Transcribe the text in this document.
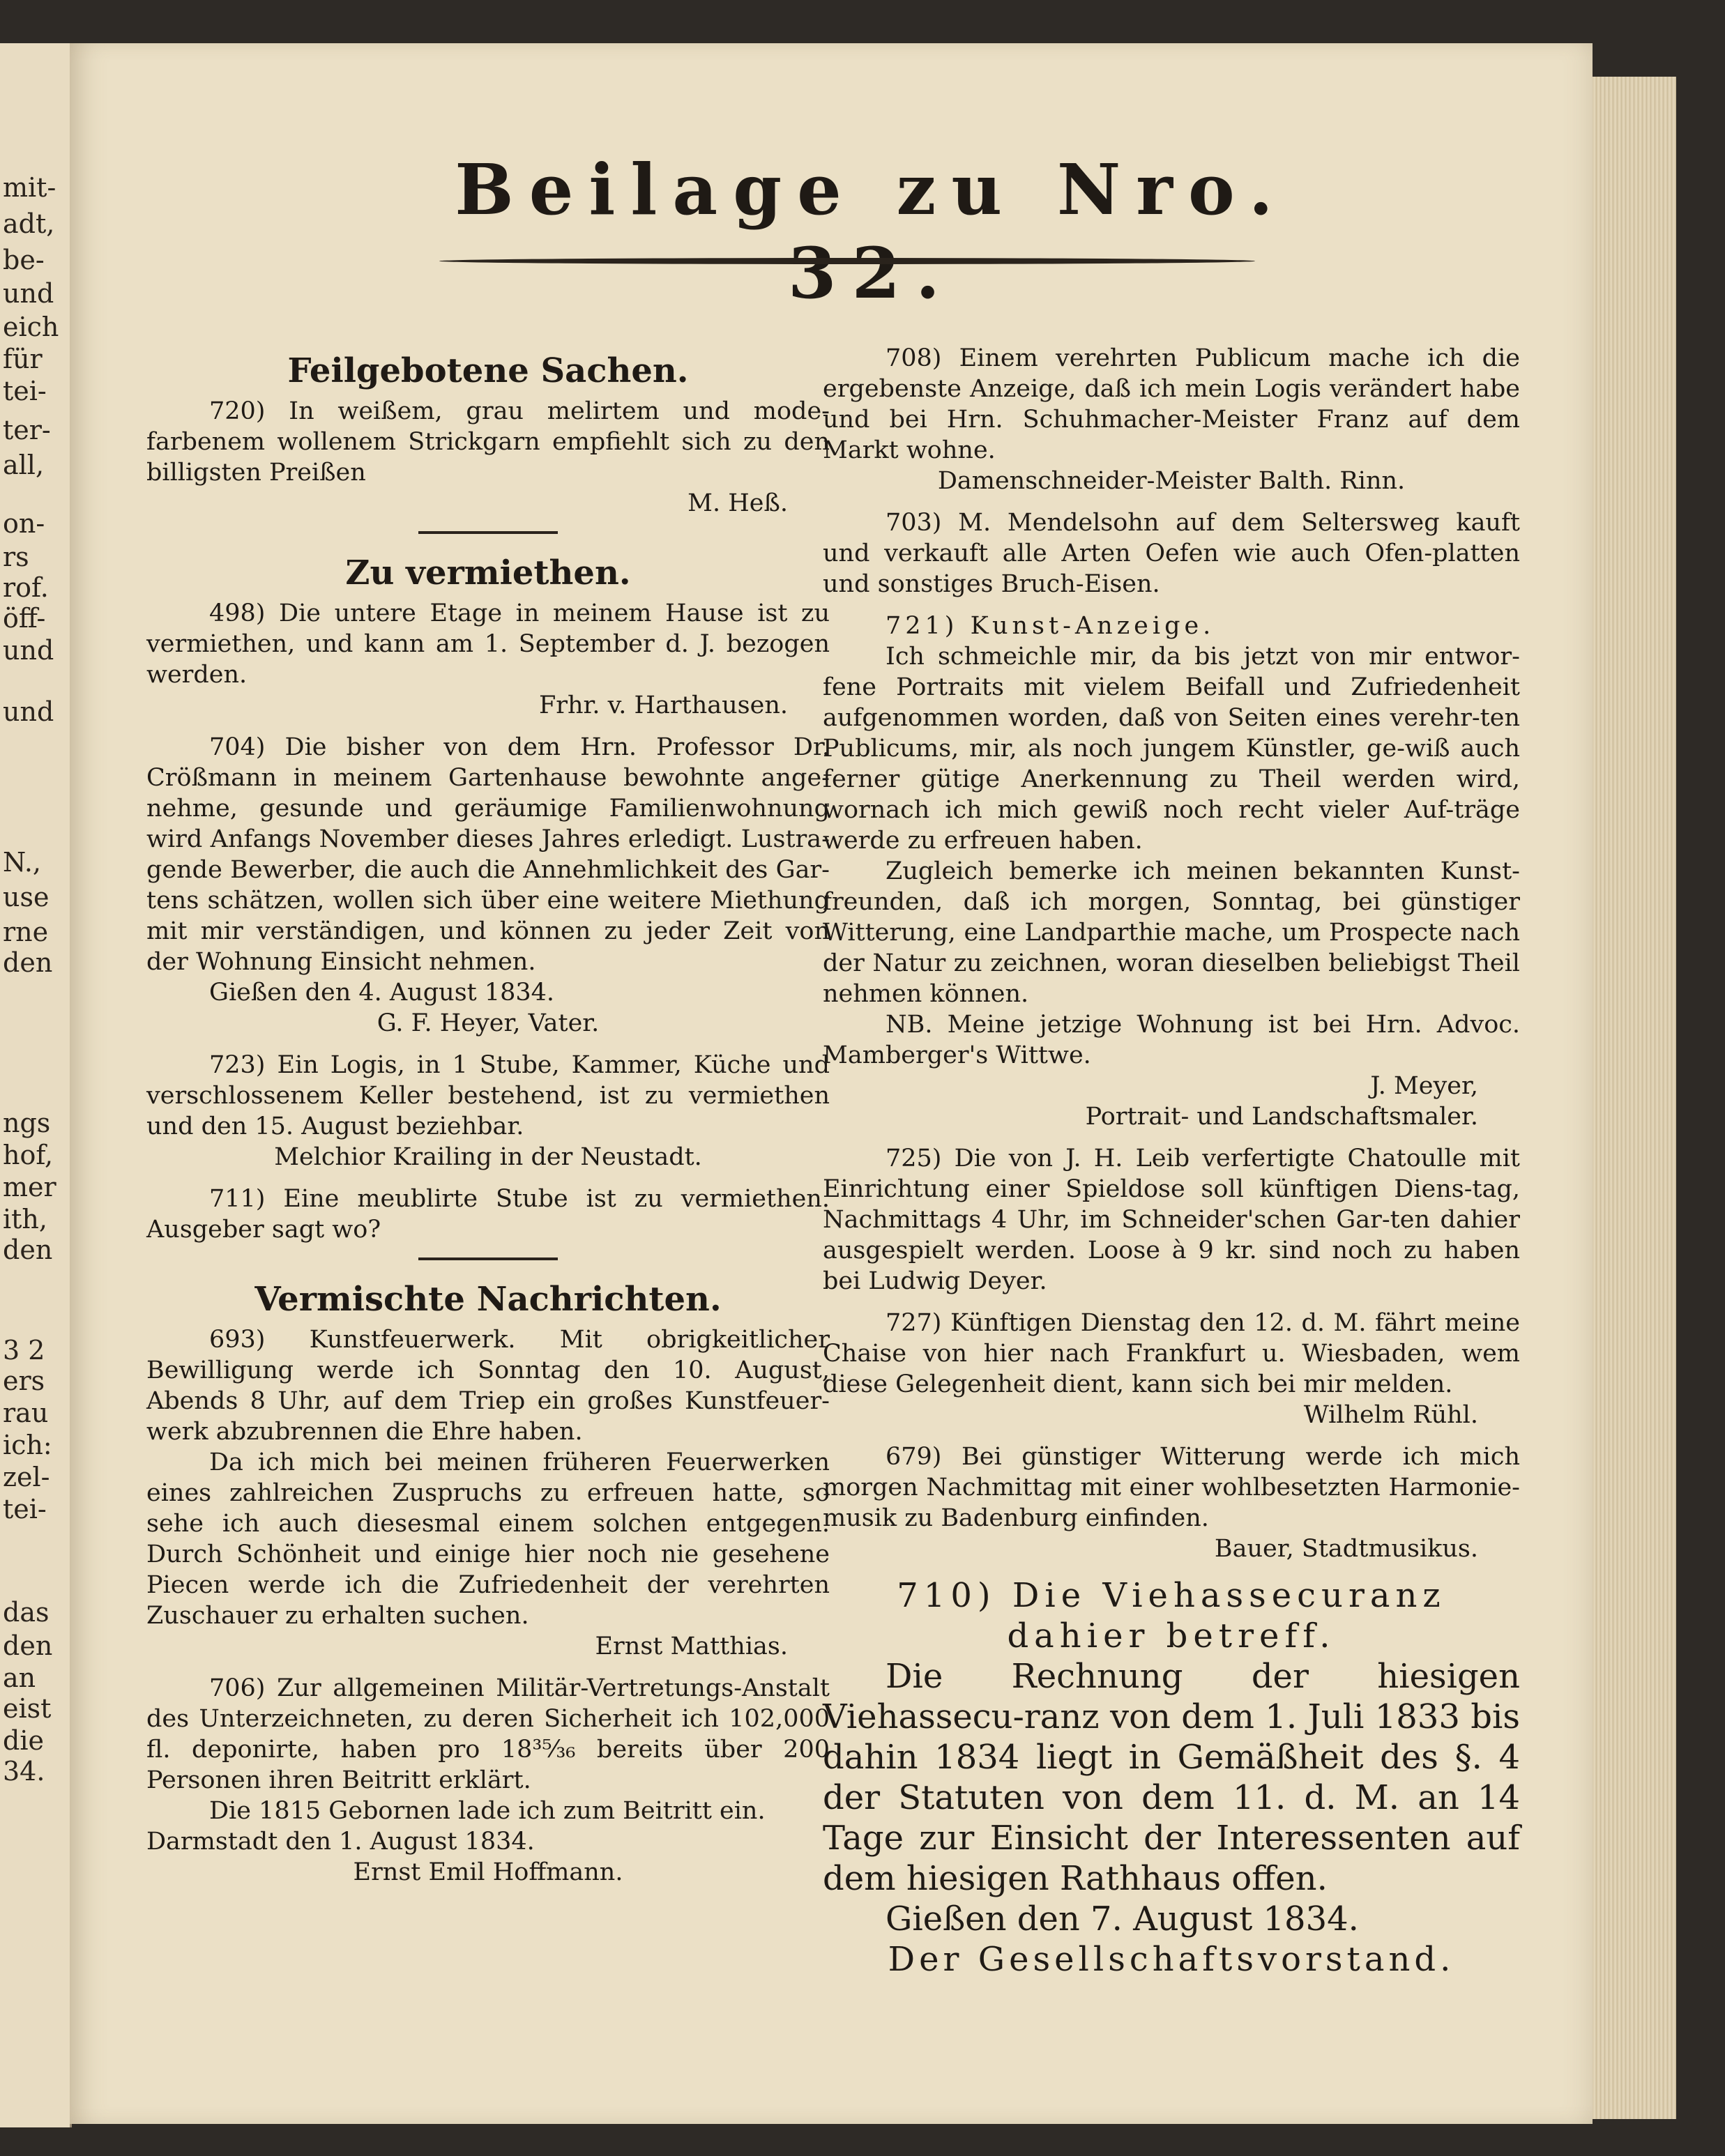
mit-
adt,
be-
und
eich
für
tei-
ter-
all,
on-
rs
rof.
öff-
und
und
N.,
use
rne
den
ngs
hof,
mer
ith,
den
3 2
ers
rau
ich:
zel-
tei-
das
den
an
eist
die
34.
Beilage zu Nro. 32.
Feilgebotene Sachen.

720) In weißem, grau melirtem und mode-farbenem wollenem Strickgarn empfiehlt sich zu den billigsten Preißen

M. Heß.

Zu vermiethen.

498) Die untere Etage in meinem Hause ist zu vermiethen, und kann am 1. September d. J. bezogen werden.

Frhr. v. Harthausen.

704) Die bisher von dem Hrn. Professor Dr. Crößmann in meinem Gartenhause bewohnte ange-nehme, gesunde und geräumige Familienwohnung wird Anfangs November dieses Jahres erledigt. Lustra-gende Bewerber, die auch die Annehmlichkeit des Gar-tens schätzen, wollen sich über eine weitere Miethung mit mir verständigen, und können zu jeder Zeit von der Wohnung Einsicht nehmen.

Gießen den 4. August 1834.

G. F. Heyer, Vater.

723) Ein Logis, in 1 Stube, Kammer, Küche und verschlossenem Keller bestehend, ist zu vermiethen und den 15. August beziehbar.

Melchior Krailing in der Neustadt.

711) Eine meublirte Stube ist zu vermiethen. Ausgeber sagt wo?

Vermischte Nachrichten.

693) Kunstfeuerwerk. Mit obrigkeitlicher Bewilligung werde ich Sonntag den 10. August, Abends 8 Uhr, auf dem Triep ein großes Kunstfeuer-werk abzubrennen die Ehre haben.

Da ich mich bei meinen früheren Feuerwerken eines zahlreichen Zuspruchs zu erfreuen hatte, so sehe ich auch diesesmal einem solchen entgegen. Durch Schönheit und einige hier noch nie gesehene Piecen werde ich die Zufriedenheit der verehrten Zuschauer zu erhalten suchen.

Ernst Matthias.

706) Zur allgemeinen Militär-Vertretungs-Anstalt des Unterzeichneten, zu deren Sicherheit ich 102,000 fl. deponirte, haben pro 18³⁵⁄₃₆ bereits über 200 Personen ihren Beitritt erklärt.

Die 1815 Gebornen lade ich zum Beitritt ein.

Darmstadt den 1. August 1834.

Ernst Emil Hoffmann.

708) Einem verehrten Publicum mache ich die ergebenste Anzeige, daß ich mein Logis verändert habe und bei Hrn. Schuhmacher-Meister Franz auf dem Markt wohne.

Damenschneider-Meister Balth. Rinn.

703) M. Mendelsohn auf dem Seltersweg kauft und verkauft alle Arten Oefen wie auch Ofen-platten und sonstiges Bruch-Eisen.

721) Kunst-Anzeige.

Ich schmeichle mir, da bis jetzt von mir entwor-fene Portraits mit vielem Beifall und Zufriedenheit aufgenommen worden, daß von Seiten eines verehr-ten Publicums, mir, als noch jungem Künstler, ge-wiß auch ferner gütige Anerkennung zu Theil werden wird, wornach ich mich gewiß noch recht vieler Auf-träge werde zu erfreuen haben.

Zugleich bemerke ich meinen bekannten Kunst-freunden, daß ich morgen, Sonntag, bei günstiger Witterung, eine Landparthie mache, um Prospecte nach der Natur zu zeichnen, woran dieselben beliebigst Theil nehmen können.

NB. Meine jetzige Wohnung ist bei Hrn. Advoc. Mamberger's Wittwe.

J. Meyer,

Portrait- und Landschaftsmaler.

725) Die von J. H. Leib verfertigte Chatoulle mit Einrichtung einer Spieldose soll künftigen Diens-tag, Nachmittags 4 Uhr, im Schneider'schen Gar-ten dahier ausgespielt werden. Loose à 9 kr. sind noch zu haben bei Ludwig Deyer.

727) Künftigen Dienstag den 12. d. M. fährt meine Chaise von hier nach Frankfurt u. Wiesbaden, wem diese Gelegenheit dient, kann sich bei mir melden.

Wilhelm Rühl.

679) Bei günstiger Witterung werde ich mich morgen Nachmittag mit einer wohlbesetzten Harmonie-musik zu Badenburg einfinden.

Bauer, Stadtmusikus.

710) Die Viehassecuranz

dahier betreff.

Die Rechnung der hiesigen Viehassecu-ranz von dem 1. Juli 1833 bis dahin 1834 liegt in Gemäßheit des §. 4 der Statuten von dem 11. d. M. an 14 Tage zur Einsicht der Interessenten auf dem hiesigen Rathhaus offen.

Gießen den 7. August 1834.

Der Gesellschaftsvorstand.
